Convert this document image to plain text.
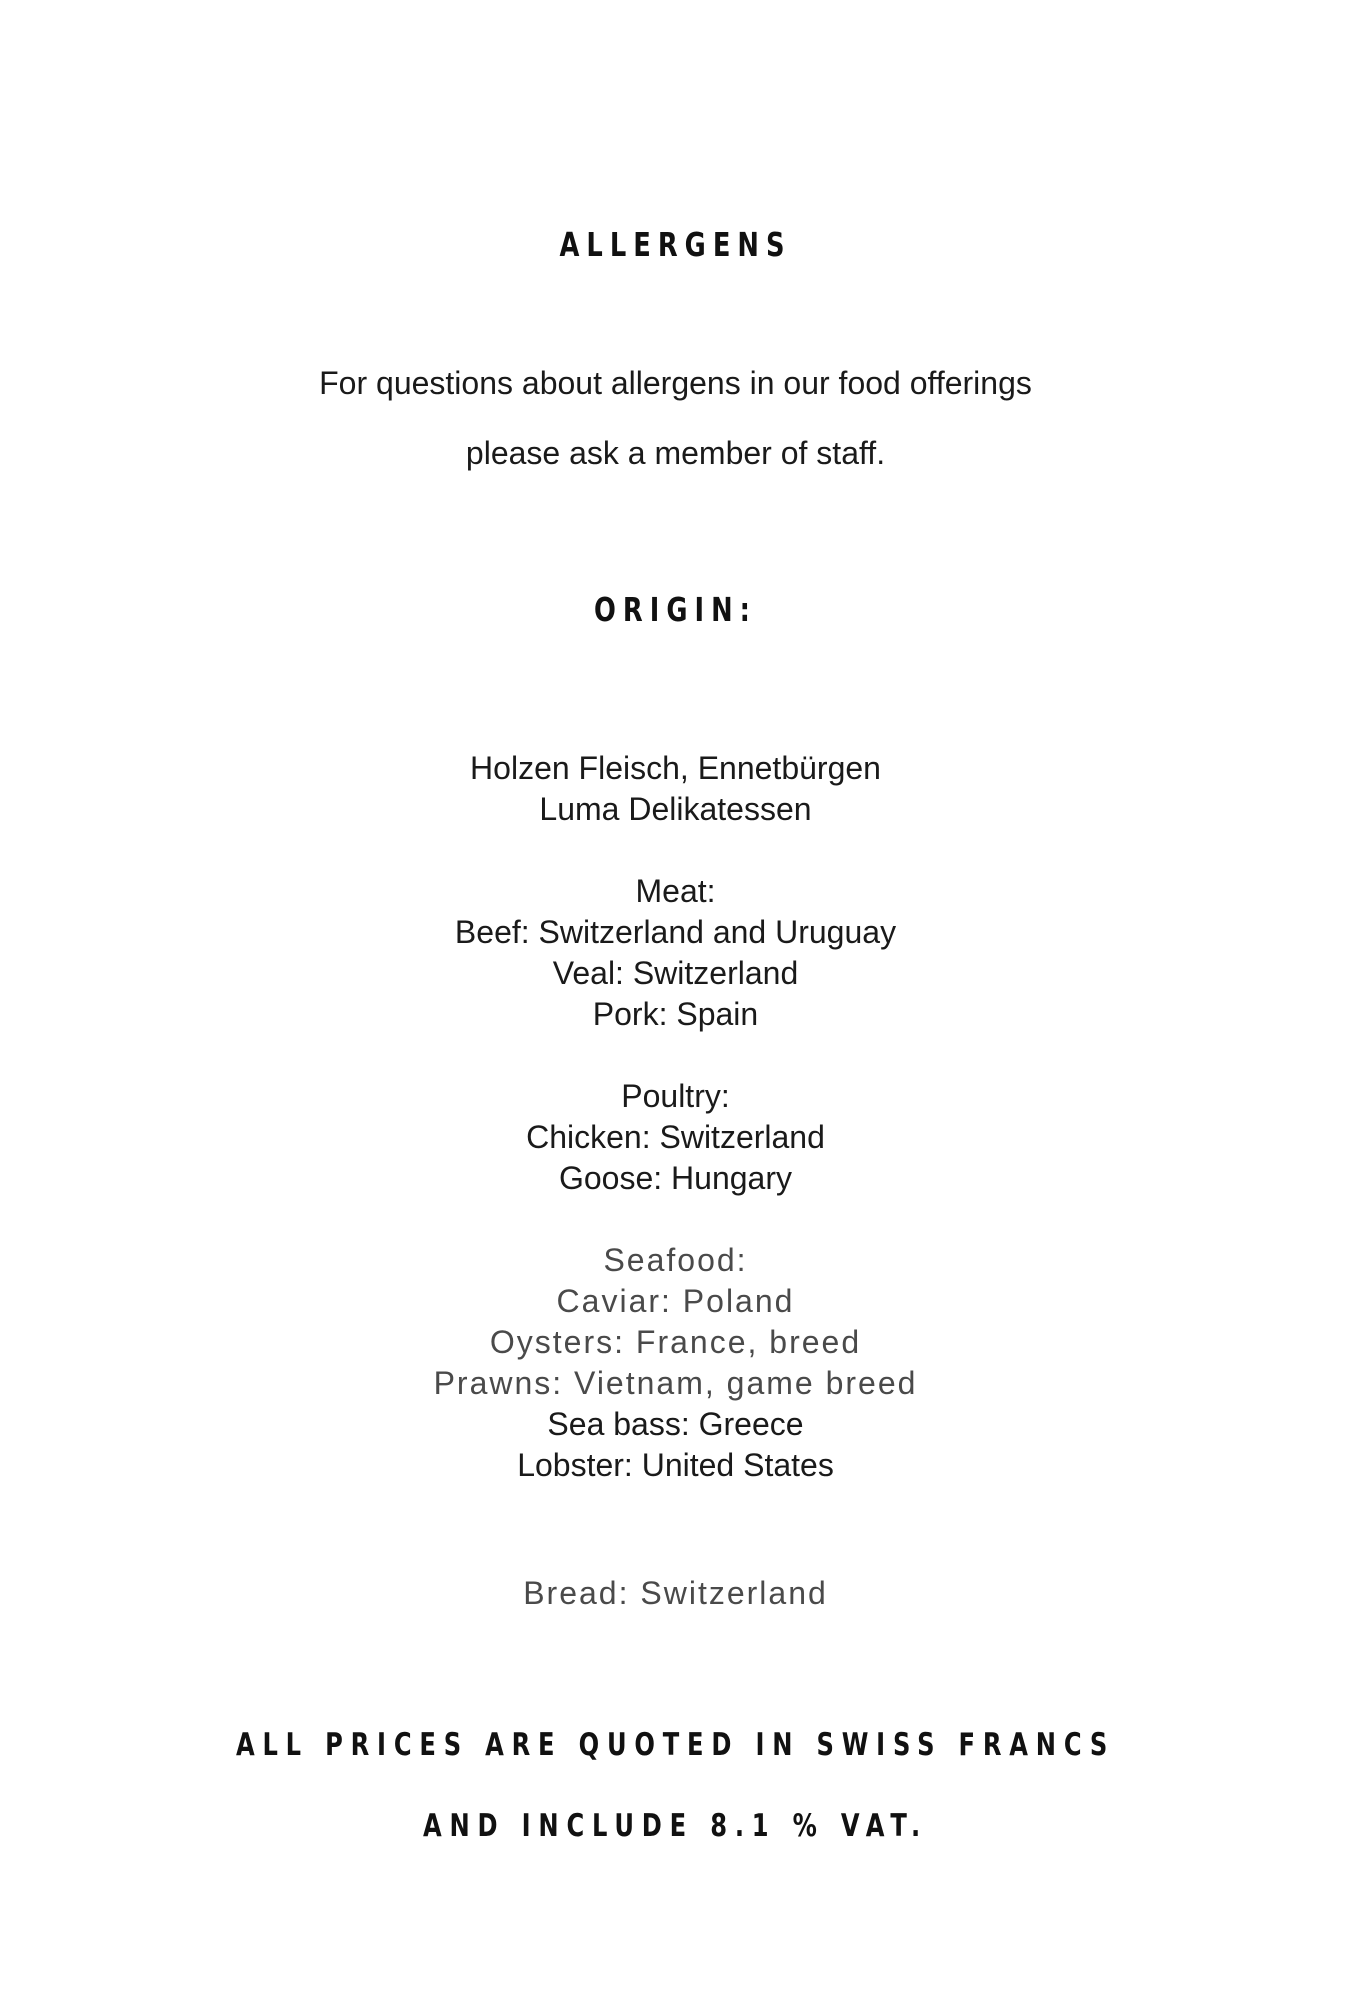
ALLERGENS
For questions about allergens in our food offerings
please ask a member of staff.
ORIGIN:
Holzen Fleisch, Ennetbürgen
Luma Delikatessen
Meat:
Beef: Switzerland and Uruguay
Veal: Switzerland
Pork: Spain
Poultry:
Chicken: Switzerland
Goose: Hungary
Seafood:
Caviar: Poland
Oysters: France, breed
Prawns: Vietnam, game breed
Sea bass: Greece
Lobster: United States
Bread: Switzerland
ALL PRICES ARE QUOTED IN SWISS FRANCS
AND INCLUDE 8.1 % VAT.
